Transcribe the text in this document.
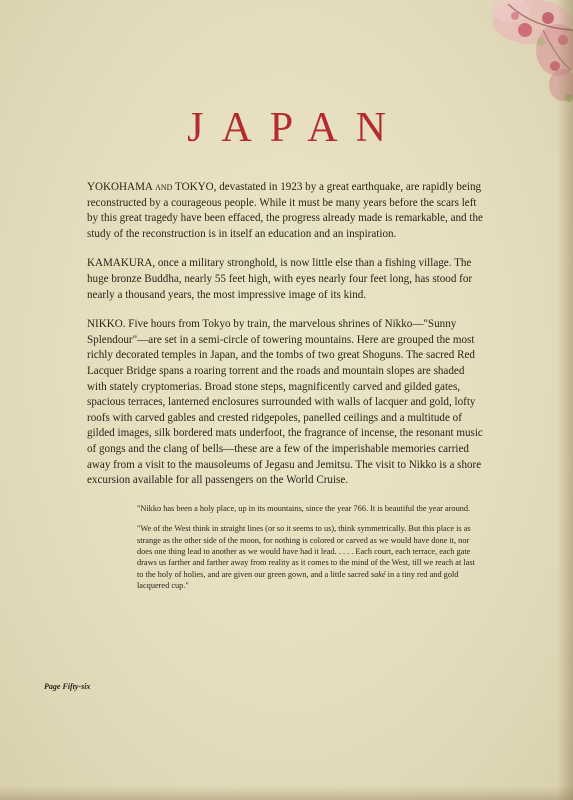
JAPAN

YOKOHAMA and TOKYO, devastated in 1923 by a great earthquake, are rapidly being reconstructed by a courageous people. While it must be many years before the scars left by this great tragedy have been effaced, the progress already made is remarkable, and the study of the reconstruction is in itself an education and an inspiration.

KAMAKURA, once a military stronghold, is now little else than a fishing village. The huge bronze Buddha, nearly 55 feet high, with eyes nearly four feet long, has stood for nearly a thousand years, the most impressive image of its kind.

NIKKO. Five hours from Tokyo by train, the marvelous shrines of Nikko—"Sunny Splendour"—are set in a semi-circle of towering mountains. Here are grouped the most richly decorated temples in Japan, and the tombs of two great Shoguns. The sacred Red Lacquer Bridge spans a roaring torrent and the roads and mountain slopes are shaded with stately cryptomerias. Broad stone steps, magnificently carved and gilded gates, spacious terraces, lanterned enclosures surrounded with walls of lacquer and gold, lofty roofs with carved gables and crested ridgepoles, panelled ceilings and a multitude of gilded images, silk bordered mats underfoot, the fragrance of incense, the resonant music of gongs and the clang of bells—these are a few of the imperishable memories carried away from a visit to the mausoleums of Jegasu and Jemitsu. The visit to Nikko is a shore excursion available for all passengers on the World Cruise.

"Nikko has been a holy place, up in its mountains, since the year 766. It is beautiful the year around.

"We of the West think in straight lines (or so it seems to us), think symmetrically. But this place is as strange as the other side of the moon, for nothing is colored or carved as we would have done it, nor does one thing lead to another as we would have had it lead. . . . . Each court, each terrace, each gate draws us farther and farther away from reality as it comes to the mind of the West, till we reach at last to the holy of holies, and are given our green gown, and a little sacred saké in a tiny red and gold lacquered cup."

Page Fifty-six
